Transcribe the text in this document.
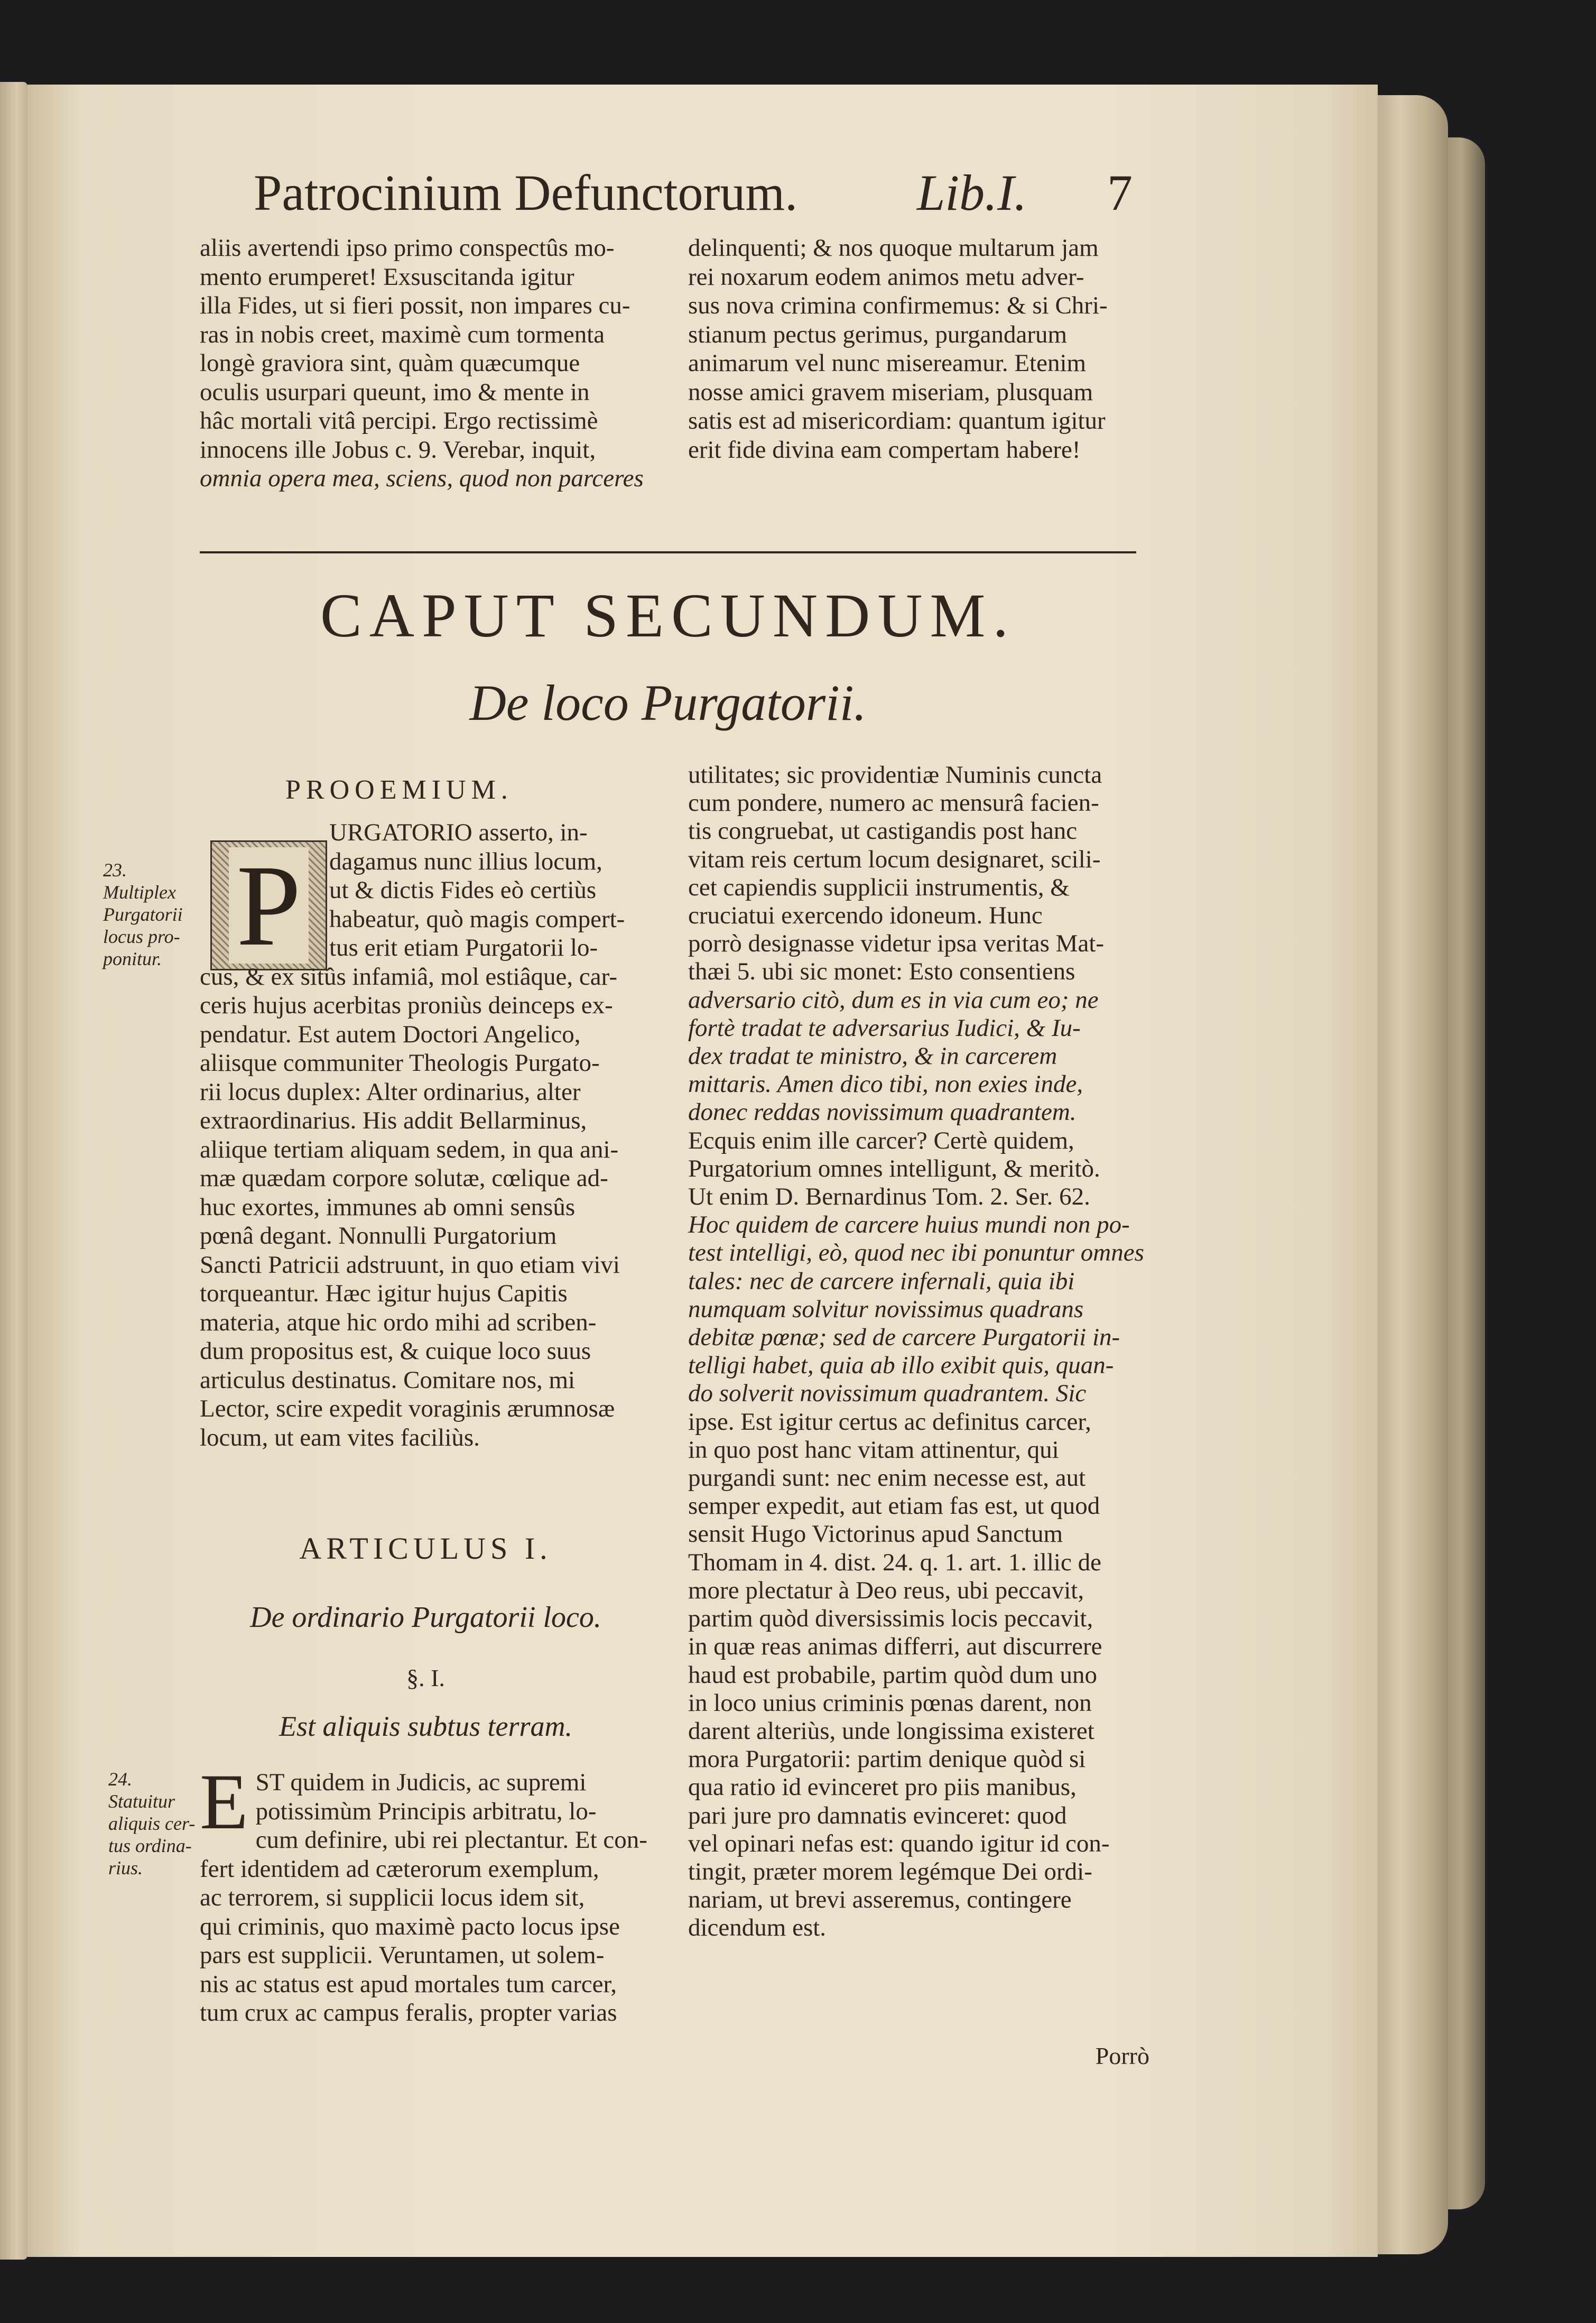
Patrocinium Defunctorum. Lib.I. 7

aliis avertendi ipso primo conspectûs mo-

mento erumperet! Exsuscitanda igitur

illa Fides, ut si fieri possit, non impares cu-

ras in nobis creet, maximè cum tormenta

longè graviora sint, quàm quæcumque

oculis usurpari queunt, imo & mente in

hâc mortali vitâ percipi. Ergo rectissimè

innocens ille Jobus c. 9. Verebar, inquit,

omnia opera mea, sciens, quod non parceres

delinquenti; & nos quoque multarum jam

rei noxarum eodem animos metu adver-

sus nova crimina confirmemus: & si Chri-

stianum pectus gerimus, purgandarum

animarum vel nunc misereamur. Etenim

nosse amici gravem miseriam, plusquam

satis est ad misericordiam: quantum igitur

erit fide divina eam compertam habere!

CAPUT SECUNDUM.
De loco Purgatorii.
PROOEMIUM.
P
23.
Multiplex
Purgatorii
locus pro-
ponitur.

URGATORIO asserto, in-

dagamus nunc illius locum,

ut & dictis Fides eò certiùs

habeatur, quò magis compert-

tus erit etiam Purgatorii lo-

cus, & ex sitûs infamiâ, mol estiâque, car-

ceris hujus acerbitas proniùs deinceps ex-

pendatur. Est autem Doctori Angelico,

aliisque communiter Theologis Purgato-

rii locus duplex: Alter ordinarius, alter

extraordinarius. His addit Bellarminus,

aliique tertiam aliquam sedem, in qua ani-

mæ quædam corpore solutæ, cœlique ad-

huc exortes, immunes ab omni sensûs

pœnâ degant. Nonnulli Purgatorium

Sancti Patricii adstruunt, in quo etiam vivi

torqueantur. Hæc igitur hujus Capitis

materia, atque hic ordo mihi ad scriben-

dum propositus est, & cuique loco suus

articulus destinatus. Comitare nos, mi

Lector, scire expedit voraginis ærumnosæ

locum, ut eam vites faciliùs.

ARTICULUS I.
De ordinario Purgatorii loco.
§. I.
Est aliquis subtus terram.
24.
Statuitur
aliquis cer-
tus ordina-
rius.
E ST quidem in Judicis, ac supremi

potissimùm Principis arbitratu, lo-

cum definire, ubi rei plectantur. Et con-

fert identidem ad cæterorum exemplum,

ac terrorem, si supplicii locus idem sit,

qui criminis, quo maximè pacto locus ipse

pars est supplicii. Veruntamen, ut solem-

nis ac status est apud mortales tum carcer,

tum crux ac campus feralis, propter varias

utilitates; sic providentiæ Numinis cuncta

cum pondere, numero ac mensurâ facien-

tis congruebat, ut castigandis post hanc

vitam reis certum locum designaret, scili-

cet capiendis supplicii instrumentis, &

cruciatui exercendo idoneum. Hunc

porrò designasse videtur ipsa veritas Mat-

thæi 5. ubi sic monet: Esto consentiens

adversario citò, dum es in via cum eo; ne

fortè tradat te adversarius Iudici, & Iu-

dex tradat te ministro, & in carcerem

mittaris. Amen dico tibi, non exies inde,

donec reddas novissimum quadrantem.

Ecquis enim ille carcer? Certè quidem,

Purgatorium omnes intelligunt, & meritò.

Ut enim D. Bernardinus Tom. 2. Ser. 62.

Hoc quidem de carcere huius mundi non po-

test intelligi, eò, quod nec ibi ponuntur omnes

tales: nec de carcere infernali, quia ibi

numquam solvitur novissimus quadrans

debitæ pœnæ; sed de carcere Purgatorii in-

telligi habet, quia ab illo exibit quis, quan-

do solverit novissimum quadrantem. Sic

ipse. Est igitur certus ac definitus carcer,

in quo post hanc vitam attinentur, qui

purgandi sunt: nec enim necesse est, aut

semper expedit, aut etiam fas est, ut quod

sensit Hugo Victorinus apud Sanctum

Thomam in 4. dist. 24. q. 1. art. 1. illic de

more plectatur à Deo reus, ubi peccavit,

partim quòd diversissimis locis peccavit,

in quæ reas animas differri, aut discurrere

haud est probabile, partim quòd dum uno

in loco unius criminis pœnas darent, non

darent alteriùs, unde longissima existeret

mora Purgatorii: partim denique quòd si

qua ratio id evinceret pro piis manibus,

pari jure pro damnatis evinceret: quod

vel opinari nefas est: quando igitur id con-

tingit, præter morem legémque Dei ordi-

nariam, ut brevi asseremus, contingere

dicendum est.

Porrò
